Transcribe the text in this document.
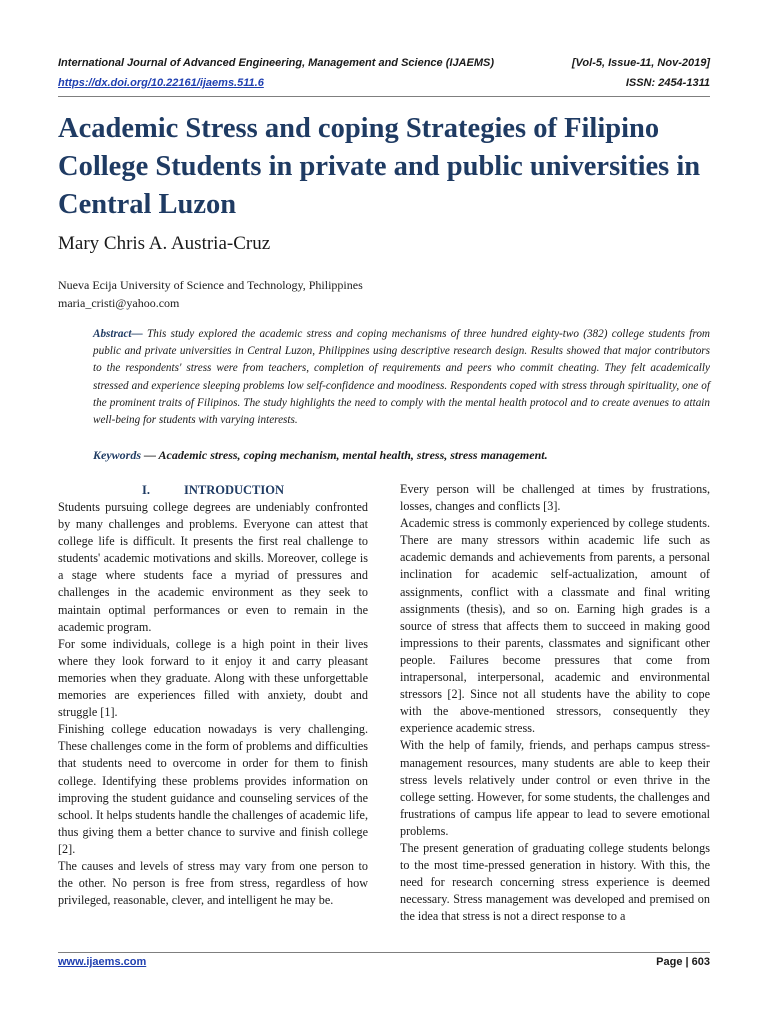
International Journal of Advanced Engineering, Management and Science (IJAEMS)	[Vol-5, Issue-11, Nov-2019]
https://dx.doi.org/10.22161/ijaems.511.6	ISSN: 2454-1311
Academic Stress and coping Strategies of Filipino College Students in private and public universities in Central Luzon
Mary Chris A. Austria-Cruz
Nueva Ecija University of Science and Technology, Philippines
maria_cristi@yahoo.com
Abstract— This study explored the academic stress and coping mechanisms of three hundred eighty-two (382) college students from public and private universities in Central Luzon, Philippines using descriptive research design. Results showed that major contributors to the respondents' stress were from teachers, completion of requirements and peers who commit cheating. They felt academically stressed and experience sleeping problems low self-confidence and moodiness. Respondents coped with stress through spirituality, one of the prominent traits of Filipinos. The study highlights the need to comply with the mental health protocol and to create avenues to attain well-being for students with varying interests.
Keywords — Academic stress, coping mechanism, mental health, stress, stress management.
I.	INTRODUCTION

Students pursuing college degrees are undeniably confronted by many challenges and problems. Everyone can attest that college life is difficult. It presents the first real challenge to students' academic motivations and skills. Moreover, college is a stage where students face a myriad of pressures and challenges in the academic environment as they seek to maintain optimal performances or even to remain in the academic program.

For some individuals, college is a high point in their lives where they look forward to it enjoy it and carry pleasant memories when they graduate. Along with these unforgettable memories are experiences filled with anxiety, doubt and struggle [1].

Finishing college education nowadays is very challenging. These challenges come in the form of problems and difficulties that students need to overcome in order for them to finish college. Identifying these problems provides information on improving the student guidance and counseling services of the school. It helps students handle the challenges of academic life, thus giving them a better chance to survive and finish college [2].

The causes and levels of stress may vary from one person to the other. No person is free from stress, regardless of how privileged, reasonable, clever, and intelligent he may be.

Every person will be challenged at times by frustrations, losses, changes and conflicts [3].

Academic stress is commonly experienced by college students. There are many stressors within academic life such as academic demands and achievements from parents, a personal inclination for academic self-actualization, amount of assignments, conflict with a classmate and final writing assignments (thesis), and so on. Earning high grades is a source of stress that affects them to succeed in making good impressions to their parents, classmates and significant other people. Failures become pressures that come from intrapersonal, interpersonal, academic and environmental stressors [2]. Since not all students have the ability to cope with the above-mentioned stressors, consequently they experience academic stress.

With the help of family, friends, and perhaps campus stress-management resources, many students are able to keep their stress levels relatively under control or even thrive in the college setting. However, for some students, the challenges and frustrations of campus life appear to lead to severe emotional problems.

The present generation of graduating college students belongs to the most time-pressed generation in history. With this, the need for research concerning stress experience is deemed necessary. Stress management was developed and premised on the idea that stress is not a direct response to a

www.ijaems.com	Page | 603
